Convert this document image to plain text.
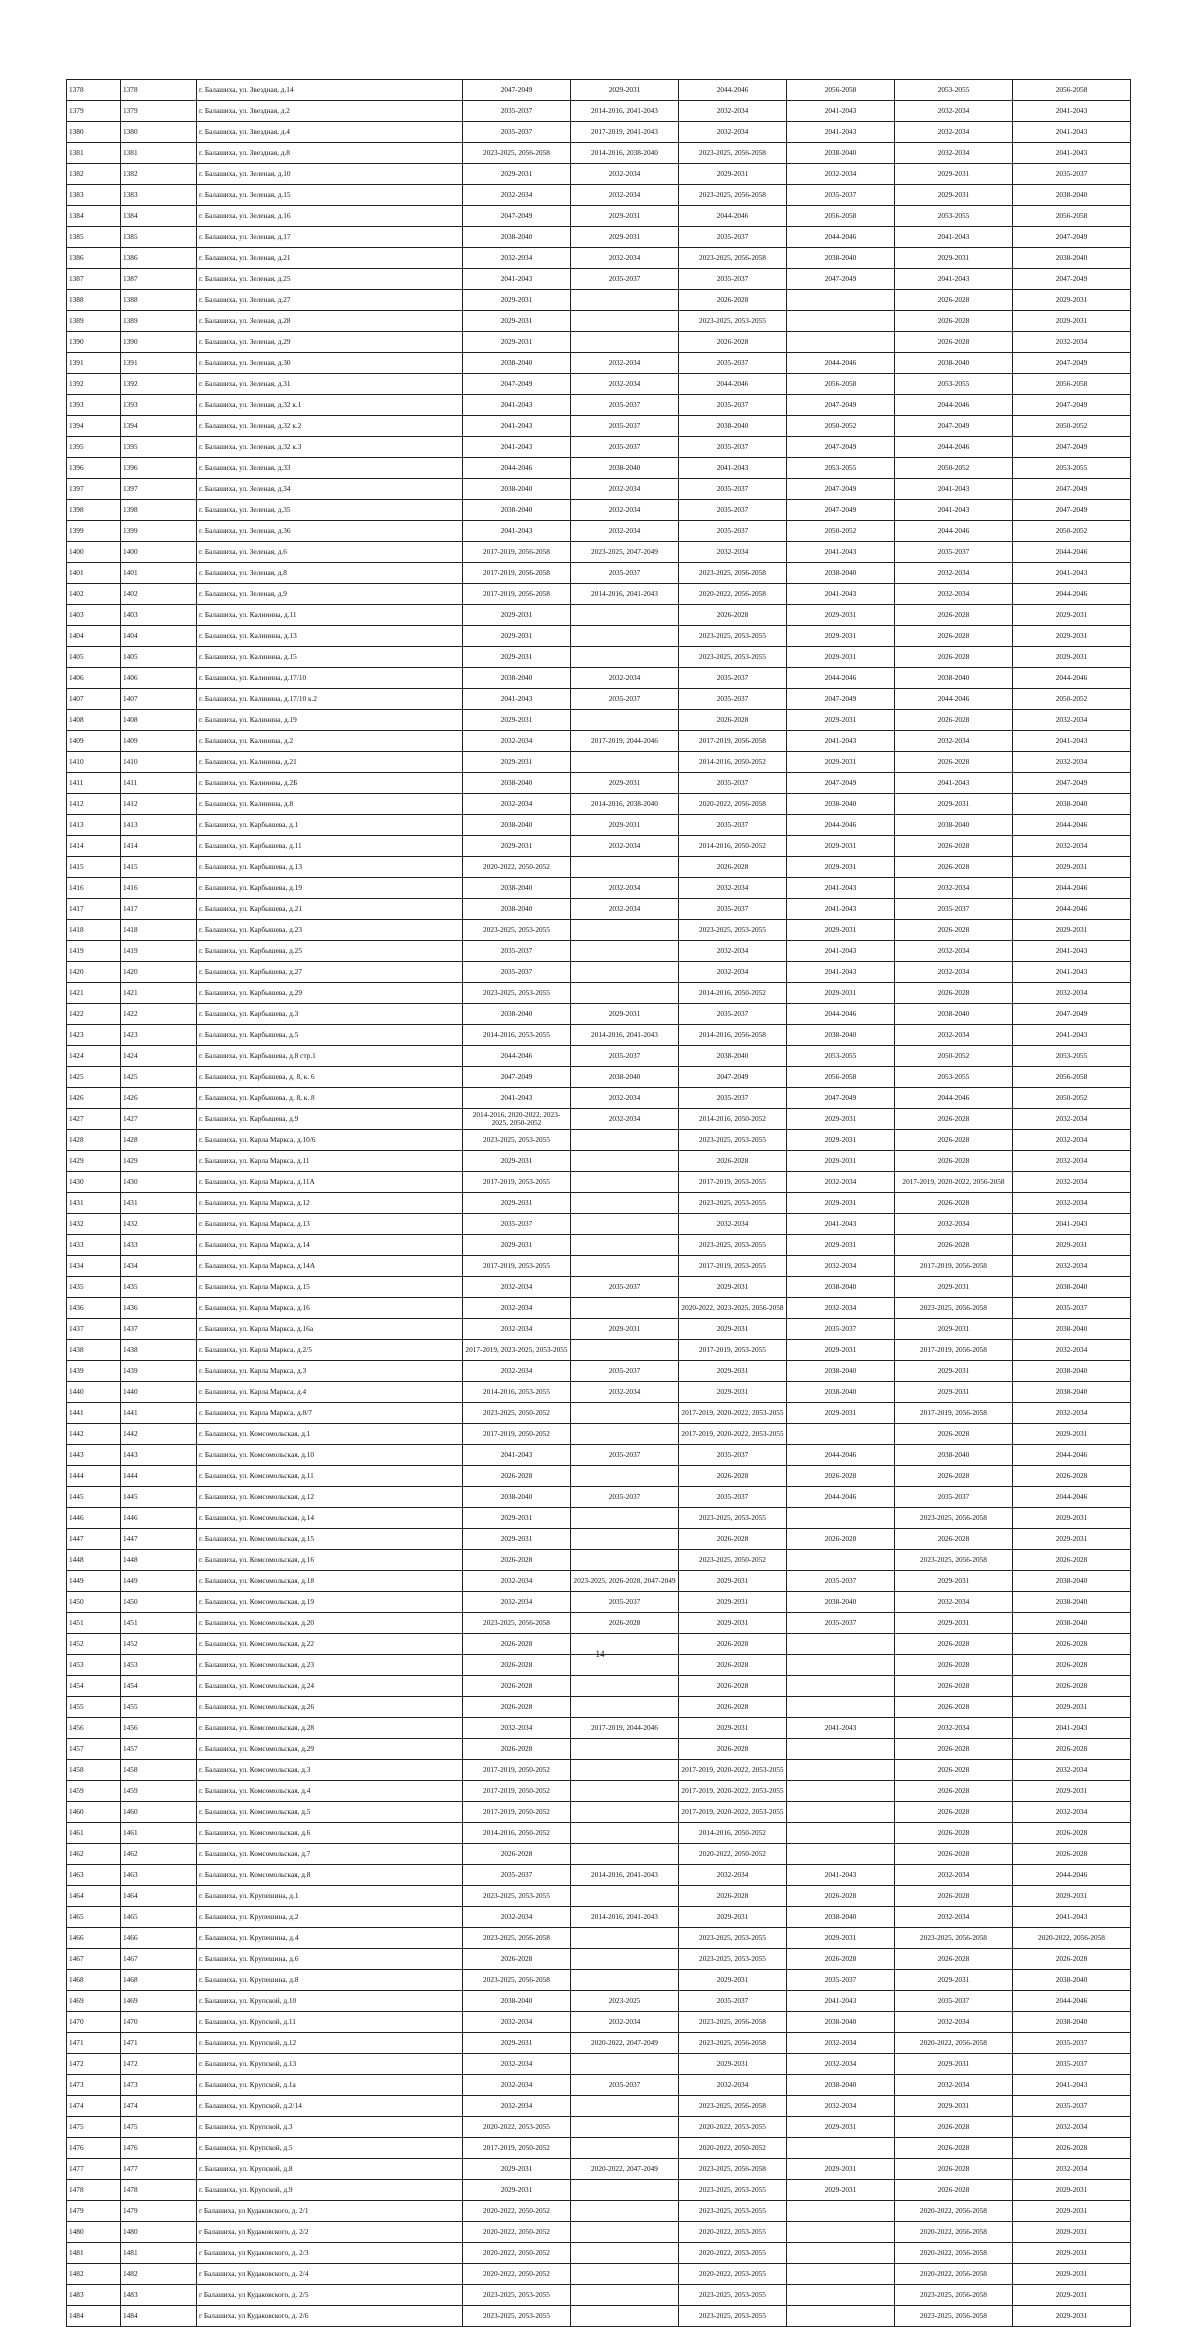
1378	1378	г. Балашиха, ул. Звездная, д.14	2047-2049	2029-2031	2044-2046	2056-2058	2053-2055	2056-2058
1379	1379	г. Балашиха, ул. Звездная, д.2	2035-2037	2014-2016, 2041-2043	2032-2034	2041-2043	2032-2034	2041-2043
1380	1380	г. Балашиха, ул. Звездная, д.4	2035-2037	2017-2019, 2041-2043	2032-2034	2041-2043	2032-2034	2041-2043
1381	1381	г. Балашиха, ул. Звездная, д.8	2023-2025, 2056-2058	2014-2016, 2038-2040	2023-2025, 2056-2058	2038-2040	2032-2034	2041-2043
1382	1382	г. Балашиха, ул. Зеленая, д.10	2029-2031	2032-2034	2029-2031	2032-2034	2029-2031	2035-2037
1383	1383	г. Балашиха, ул. Зеленая, д.15	2032-2034	2032-2034	2023-2025, 2056-2058	2035-2037	2029-2031	2038-2040
1384	1384	г. Балашиха, ул. Зеленая, д.16	2047-2049	2029-2031	2044-2046	2056-2058	2053-2055	2056-2058
1385	1385	г. Балашиха, ул. Зеленая, д.17	2038-2040	2029-2031	2035-2037	2044-2046	2041-2043	2047-2049
1386	1386	г. Балашиха, ул. Зеленая, д.21	2032-2034	2032-2034	2023-2025, 2056-2058	2038-2040	2029-2031	2038-2040
1387	1387	г. Балашиха, ул. Зеленая, д.25	2041-2043	2035-2037	2035-2037	2047-2049	2041-2043	2047-2049
1388	1388	г. Балашиха, ул. Зеленая, д.27	2029-2031		2026-2028		2026-2028	2029-2031
1389	1389	г. Балашиха, ул. Зеленая, д.28	2029-2031		2023-2025, 2053-2055		2026-2028	2029-2031
1390	1390	г. Балашиха, ул. Зеленая, д.29	2029-2031		2026-2028		2026-2028	2032-2034
1391	1391	г. Балашиха, ул. Зеленая, д.30	2038-2040	2032-2034	2035-2037	2044-2046	2038-2040	2047-2049
1392	1392	г. Балашиха, ул. Зеленая, д.31	2047-2049	2032-2034	2044-2046	2056-2058	2053-2055	2056-2058
1393	1393	г. Балашиха, ул. Зеленая, д.32 к.1	2041-2043	2035-2037	2035-2037	2047-2049	2044-2046	2047-2049
1394	1394	г. Балашиха, ул. Зеленая, д.32 к.2	2041-2043	2035-2037	2038-2040	2050-2052	2047-2049	2050-2052
1395	1395	г. Балашиха, ул. Зеленая, д.32 к.3	2041-2043	2035-2037	2035-2037	2047-2049	2044-2046	2047-2049
1396	1396	г. Балашиха, ул. Зеленая, д.33	2044-2046	2038-2040	2041-2043	2053-2055	2050-2052	2053-2055
1397	1397	г. Балашиха, ул. Зеленая, д.34	2038-2040	2032-2034	2035-2037	2047-2049	2041-2043	2047-2049
1398	1398	г. Балашиха, ул. Зеленая, д.35	2038-2040	2032-2034	2035-2037	2047-2049	2041-2043	2047-2049
1399	1399	г. Балашиха, ул. Зеленая, д.36	2041-2043	2032-2034	2035-2037	2050-2052	2044-2046	2050-2052
1400	1400	г. Балашиха, ул. Зеленая, д.6	2017-2019, 2056-2058	2023-2025, 2047-2049	2032-2034	2041-2043	2035-2037	2044-2046
1401	1401	г. Балашиха, ул. Зеленая, д.8	2017-2019, 2056-2058	2035-2037	2023-2025, 2056-2058	2038-2040	2032-2034	2041-2043
1402	1402	г. Балашиха, ул. Зеленая, д.9	2017-2019, 2056-2058	2014-2016, 2041-2043	2020-2022, 2056-2058	2041-2043	2032-2034	2044-2046
1403	1403	г. Балашиха, ул. Калинина, д.11	2029-2031		2026-2028	2029-2031	2026-2028	2029-2031
1404	1404	г. Балашиха, ул. Калинина, д.13	2029-2031		2023-2025, 2053-2055	2029-2031	2026-2028	2029-2031
1405	1405	г. Балашиха, ул. Калинина, д.15	2029-2031		2023-2025, 2053-2055	2029-2031	2026-2028	2029-2031
1406	1406	г. Балашиха, ул. Калинина, д.17/10	2038-2040	2032-2034	2035-2037	2044-2046	2038-2040	2044-2046
1407	1407	г. Балашиха, ул. Калинина, д.17/10 к.2	2041-2043	2035-2037	2035-2037	2047-2049	2044-2046	2050-2052
1408	1408	г. Балашиха, ул. Калинина, д.19	2029-2031		2026-2028	2029-2031	2026-2028	2032-2034
1409	1409	г. Балашиха, ул. Калинина, д.2	2032-2034	2017-2019, 2044-2046	2017-2019, 2056-2058	2041-2043	2032-2034	2041-2043
1410	1410	г. Балашиха, ул. Калинина, д.21	2029-2031		2014-2016, 2050-2052	2029-2031	2026-2028	2032-2034
1411	1411	г. Балашиха, ул. Калинина, д.2Б	2038-2040	2029-2031	2035-2037	2047-2049	2041-2043	2047-2049
1412	1412	г. Балашиха, ул. Калинина, д.8	2032-2034	2014-2016, 2038-2040	2020-2022, 2056-2058	2038-2040	2029-2031	2038-2040
1413	1413	г. Балашиха, ул. Карбышева, д.1	2038-2040	2029-2031	2035-2037	2044-2046	2038-2040	2044-2046
1414	1414	г. Балашиха, ул. Карбышева, д.11	2029-2031	2032-2034	2014-2016, 2050-2052	2029-2031	2026-2028	2032-2034
1415	1415	г. Балашиха, ул. Карбышева, д.13	2020-2022, 2050-2052		2026-2028	2029-2031	2026-2028	2029-2031
1416	1416	г. Балашиха, ул. Карбышева, д.19	2038-2040	2032-2034	2032-2034	2041-2043	2032-2034	2044-2046
1417	1417	г. Балашиха, ул. Карбышева, д.21	2038-2040	2032-2034	2035-2037	2041-2043	2035-2037	2044-2046
1418	1418	г. Балашиха, ул. Карбышева, д.23	2023-2025, 2053-2055		2023-2025, 2053-2055	2029-2031	2026-2028	2029-2031
1419	1419	г. Балашиха, ул. Карбышева, д.25	2035-2037		2032-2034	2041-2043	2032-2034	2041-2043
1420	1420	г. Балашиха, ул. Карбышева, д.27	2035-2037		2032-2034	2041-2043	2032-2034	2041-2043
1421	1421	г. Балашиха, ул. Карбышева, д.29	2023-2025, 2053-2055		2014-2016, 2050-2052	2029-2031	2026-2028	2032-2034
1422	1422	г. Балашиха, ул. Карбышева, д.3	2038-2040	2029-2031	2035-2037	2044-2046	2038-2040	2047-2049
1423	1423	г. Балашиха, ул. Карбышева, д.5	2014-2016, 2053-2055	2014-2016, 2041-2043	2014-2016, 2056-2058	2038-2040	2032-2034	2041-2043
1424	1424	г. Балашиха, ул. Карбышева, д.8 стр.1	2044-2046	2035-2037	2038-2040	2053-2055	2050-2052	2053-2055
1425	1425	г. Балашиха, ул. Карбышева, д. 8, к. 6	2047-2049	2038-2040	2047-2049	2056-2058	2053-2055	2056-2058
1426	1426	г. Балашиха, ул. Карбышева, д. 8, к. 8	2041-2043	2032-2034	2035-2037	2047-2049	2044-2046	2050-2052
1427	1427	г. Балашиха, ул. Карбышева, д.9	2014-2016, 2020-2022, 2023-2025, 2050-2052	2032-2034	2014-2016, 2050-2052	2029-2031	2026-2028	2032-2034
1428	1428	г. Балашиха, ул. Карла Маркса, д.10/6	2023-2025, 2053-2055		2023-2025, 2053-2055	2029-2031	2026-2028	2032-2034
1429	1429	г. Балашиха, ул. Карла Маркса, д.11	2029-2031		2026-2028	2029-2031	2026-2028	2032-2034
1430	1430	г. Балашиха, ул. Карла Маркса, д.11А	2017-2019, 2053-2055		2017-2019, 2053-2055	2032-2034	2017-2019, 2020-2022, 2056-2058	2032-2034
1431	1431	г. Балашиха, ул. Карла Маркса, д.12	2029-2031		2023-2025, 2053-2055	2029-2031	2026-2028	2032-2034
1432	1432	г. Балашиха, ул. Карла Маркса, д.13	2035-2037		2032-2034	2041-2043	2032-2034	2041-2043
1433	1433	г. Балашиха, ул. Карла Маркса, д.14	2029-2031		2023-2025, 2053-2055	2029-2031	2026-2028	2029-2031
1434	1434	г. Балашиха, ул. Карла Маркса, д.14А	2017-2019, 2053-2055		2017-2019, 2053-2055	2032-2034	2017-2019, 2056-2058	2032-2034
1435	1435	г. Балашиха, ул. Карла Маркса, д.15	2032-2034	2035-2037	2029-2031	2038-2040	2029-2031	2038-2040
1436	1436	г. Балашиха, ул. Карла Маркса, д.16	2032-2034		2020-2022, 2023-2025, 2056-2058	2032-2034	2023-2025, 2056-2058	2035-2037
1437	1437	г. Балашиха, ул. Карла Маркса, д.16а	2032-2034	2029-2031	2029-2031	2035-2037	2029-2031	2038-2040
1438	1438	г. Балашиха, ул. Карла Маркса, д.2/5	2017-2019, 2023-2025, 2053-2055		2017-2019, 2053-2055	2029-2031	2017-2019, 2056-2058	2032-2034
1439	1439	г. Балашиха, ул. Карла Маркса, д.3	2032-2034	2035-2037	2029-2031	2038-2040	2029-2031	2038-2040
1440	1440	г. Балашиха, ул. Карла Маркса, д.4	2014-2016, 2053-2055	2032-2034	2029-2031	2038-2040	2029-2031	2038-2040
1441	1441	г. Балашиха, ул. Карла Маркса, д.8/7	2023-2025, 2050-2052		2017-2019, 2020-2022, 2053-2055	2029-2031	2017-2019, 2056-2058	2032-2034
1442	1442	г. Балашиха, ул. Комсомольская, д.1	2017-2019, 2050-2052		2017-2019, 2020-2022, 2053-2055		2026-2028	2029-2031
1443	1443	г. Балашиха, ул. Комсомольская, д.10	2041-2043	2035-2037	2035-2037	2044-2046	2038-2040	2044-2046
1444	1444	г. Балашиха, ул. Комсомольская, д.11	2026-2028		2026-2028	2026-2028	2026-2028	2026-2028
1445	1445	г. Балашиха, ул. Комсомольская, д.12	2038-2040	2035-2037	2035-2037	2044-2046	2035-2037	2044-2046
1446	1446	г. Балашиха, ул. Комсомольская, д.14	2029-2031		2023-2025, 2053-2055		2023-2025, 2056-2058	2029-2031
1447	1447	г. Балашиха, ул. Комсомольская, д.15	2029-2031		2026-2028	2026-2028	2026-2028	2029-2031
1448	1448	г. Балашиха, ул. Комсомольская, д.16	2026-2028		2023-2025, 2050-2052		2023-2025, 2056-2058	2026-2028
1449	1449	г. Балашиха, ул. Комсомольская, д.18	2032-2034	2023-2025, 2026-2028, 2047-2049	2029-2031	2035-2037	2029-2031	2038-2040
1450	1450	г. Балашиха, ул. Комсомольская, д.19	2032-2034	2035-2037	2029-2031	2038-2040	2032-2034	2038-2040
1451	1451	г. Балашиха, ул. Комсомольская, д.20	2023-2025, 2056-2058	2026-2028	2029-2031	2035-2037	2029-2031	2038-2040
1452	1452	г. Балашиха, ул. Комсомольская, д.22	2026-2028		2026-2028		2026-2028	2026-2028
1453	1453	г. Балашиха, ул. Комсомольская, д.23	2026-2028		2026-2028		2026-2028	2026-2028
1454	1454	г. Балашиха, ул. Комсомольская, д.24	2026-2028		2026-2028		2026-2028	2026-2028
1455	1455	г. Балашиха, ул. Комсомольская, д.26	2026-2028		2026-2028		2026-2028	2029-2031
1456	1456	г. Балашиха, ул. Комсомольская, д.28	2032-2034	2017-2019, 2044-2046	2029-2031	2041-2043	2032-2034	2041-2043
1457	1457	г. Балашиха, ул. Комсомольская, д.29	2026-2028		2026-2028		2026-2028	2026-2028
1458	1458	г. Балашиха, ул. Комсомольская, д.3	2017-2019, 2050-2052		2017-2019, 2020-2022, 2053-2055		2026-2028	2032-2034
1459	1459	г. Балашиха, ул. Комсомольская, д.4	2017-2019, 2050-2052		2017-2019, 2020-2022, 2053-2055		2026-2028	2029-2031
1460	1460	г. Балашиха, ул. Комсомольская, д.5	2017-2019, 2050-2052		2017-2019, 2020-2022, 2053-2055		2026-2028	2032-2034
1461	1461	г. Балашиха, ул. Комсомольская, д.6	2014-2016, 2050-2052		2014-2016, 2050-2052		2026-2028	2026-2028
1462	1462	г. Балашиха, ул. Комсомольская, д.7	2026-2028		2020-2022, 2050-2052		2026-2028	2026-2028
1463	1463	г. Балашиха, ул. Комсомольская, д.8	2035-2037	2014-2016, 2041-2043	2032-2034	2041-2043	2032-2034	2044-2046
1464	1464	г. Балашиха, ул. Крупешина, д.1	2023-2025, 2053-2055		2026-2028	2026-2028	2026-2028	2029-2031
1465	1465	г. Балашиха, ул. Крупешина, д.2	2032-2034	2014-2016, 2041-2043	2029-2031	2038-2040	2032-2034	2041-2043
1466	1466	г. Балашиха, ул. Крупешина, д.4	2023-2025, 2056-2058		2023-2025, 2053-2055	2029-2031	2023-2025, 2056-2058	2020-2022, 2056-2058
1467	1467	г. Балашиха, ул. Крупешина, д.6	2026-2028		2023-2025, 2053-2055	2026-2028	2026-2028	2026-2028
1468	1468	г. Балашиха, ул. Крупешина, д.8	2023-2025, 2056-2058		2029-2031	2035-2037	2029-2031	2038-2040
1469	1469	г. Балашиха, ул. Крупской, д.10	2038-2040	2023-2025	2035-2037	2041-2043	2035-2037	2044-2046
1470	1470	г. Балашиха, ул. Крупской, д.11	2032-2034	2032-2034	2023-2025, 2056-2058	2038-2040	2032-2034	2038-2040
1471	1471	г. Балашиха, ул. Крупской, д.12	2029-2031	2020-2022, 2047-2049	2023-2025, 2056-2058	2032-2034	2020-2022, 2056-2058	2035-2037
1472	1472	г. Балашиха, ул. Крупской, д.13	2032-2034		2029-2031	2032-2034	2029-2031	2035-2037
1473	1473	г. Балашиха, ул. Крупской, д.1а	2032-2034	2035-2037	2032-2034	2038-2040	2032-2034	2041-2043
1474	1474	г. Балашиха, ул. Крупской, д.2/14	2032-2034		2023-2025, 2056-2058	2032-2034	2029-2031	2035-2037
1475	1475	г. Балашиха, ул. Крупской, д.3	2020-2022, 2053-2055		2020-2022, 2053-2055	2029-2031	2026-2028	2032-2034
1476	1476	г. Балашиха, ул. Крупской, д.5	2017-2019, 2050-2052		2020-2022, 2050-2052		2026-2028	2026-2028
1477	1477	г. Балашиха, ул. Крупской, д.8	2029-2031	2020-2022, 2047-2049	2023-2025, 2056-2058	2029-2031	2026-2028	2032-2034
1478	1478	г. Балашиха, ул. Крупской, д.9	2029-2031		2023-2025, 2053-2055	2029-2031	2026-2028	2029-2031
1479	1479	г Балашиха, ул Кудаковского, д. 2/1	2020-2022, 2050-2052		2023-2025, 2053-2055		2020-2022, 2056-2058	2029-2031
1480	1480	г Балашиха, ул Кудаковского, д. 2/2	2020-2022, 2050-2052		2020-2022, 2053-2055		2020-2022, 2056-2058	2029-2031
1481	1481	г Балашиха, ул Кудаковского, д. 2/3	2020-2022, 2050-2052		2020-2022, 2053-2055		2020-2022, 2056-2058	2029-2031
1482	1482	г Балашиха, ул Кудаковского, д. 2/4	2020-2022, 2050-2052		2020-2022, 2053-2055		2020-2022, 2056-2058	2029-2031
1483	1483	г Балашиха, ул Кудаковского, д. 2/5	2023-2025, 2053-2055		2023-2025, 2053-2055		2023-2025, 2056-2058	2029-2031
1484	1484	г Балашиха, ул Кудаковского, д. 2/6	2023-2025, 2053-2055		2023-2025, 2053-2055		2023-2025, 2056-2058	2029-2031
14
